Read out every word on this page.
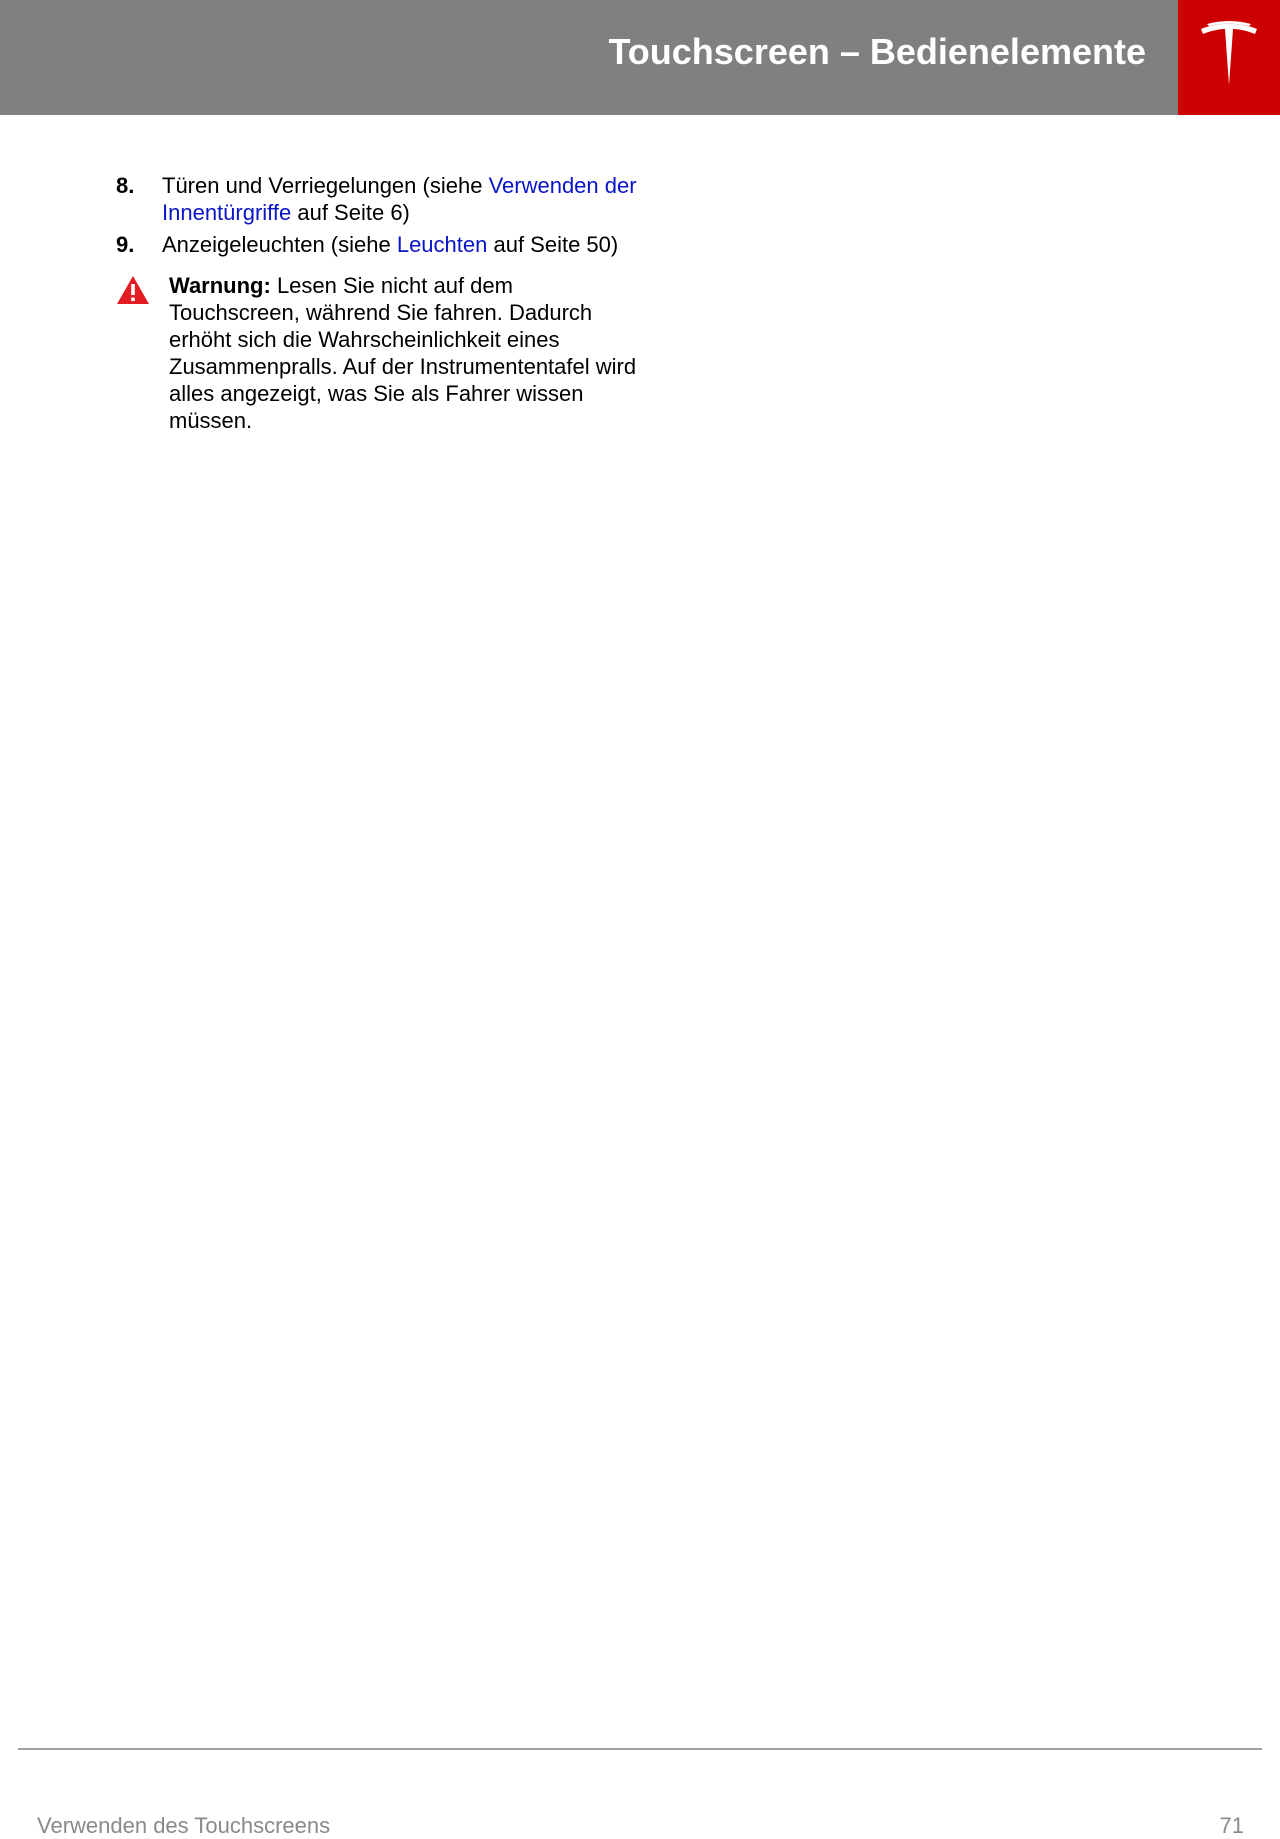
Touchscreen – Bedienelemente
8. Türen und Verriegelungen (siehe Verwenden der Innentürgriffe auf Seite 6)
9. Anzeigeleuchten (siehe Leuchten auf Seite 50)
Warnung: Lesen Sie nicht auf dem Touchscreen, während Sie fahren. Dadurch erhöht sich die Wahrscheinlichkeit eines Zusammenpralls. Auf der Instrumententafel wird alles angezeigt, was Sie als Fahrer wissen müssen.
Verwenden des Touchscreens	71
